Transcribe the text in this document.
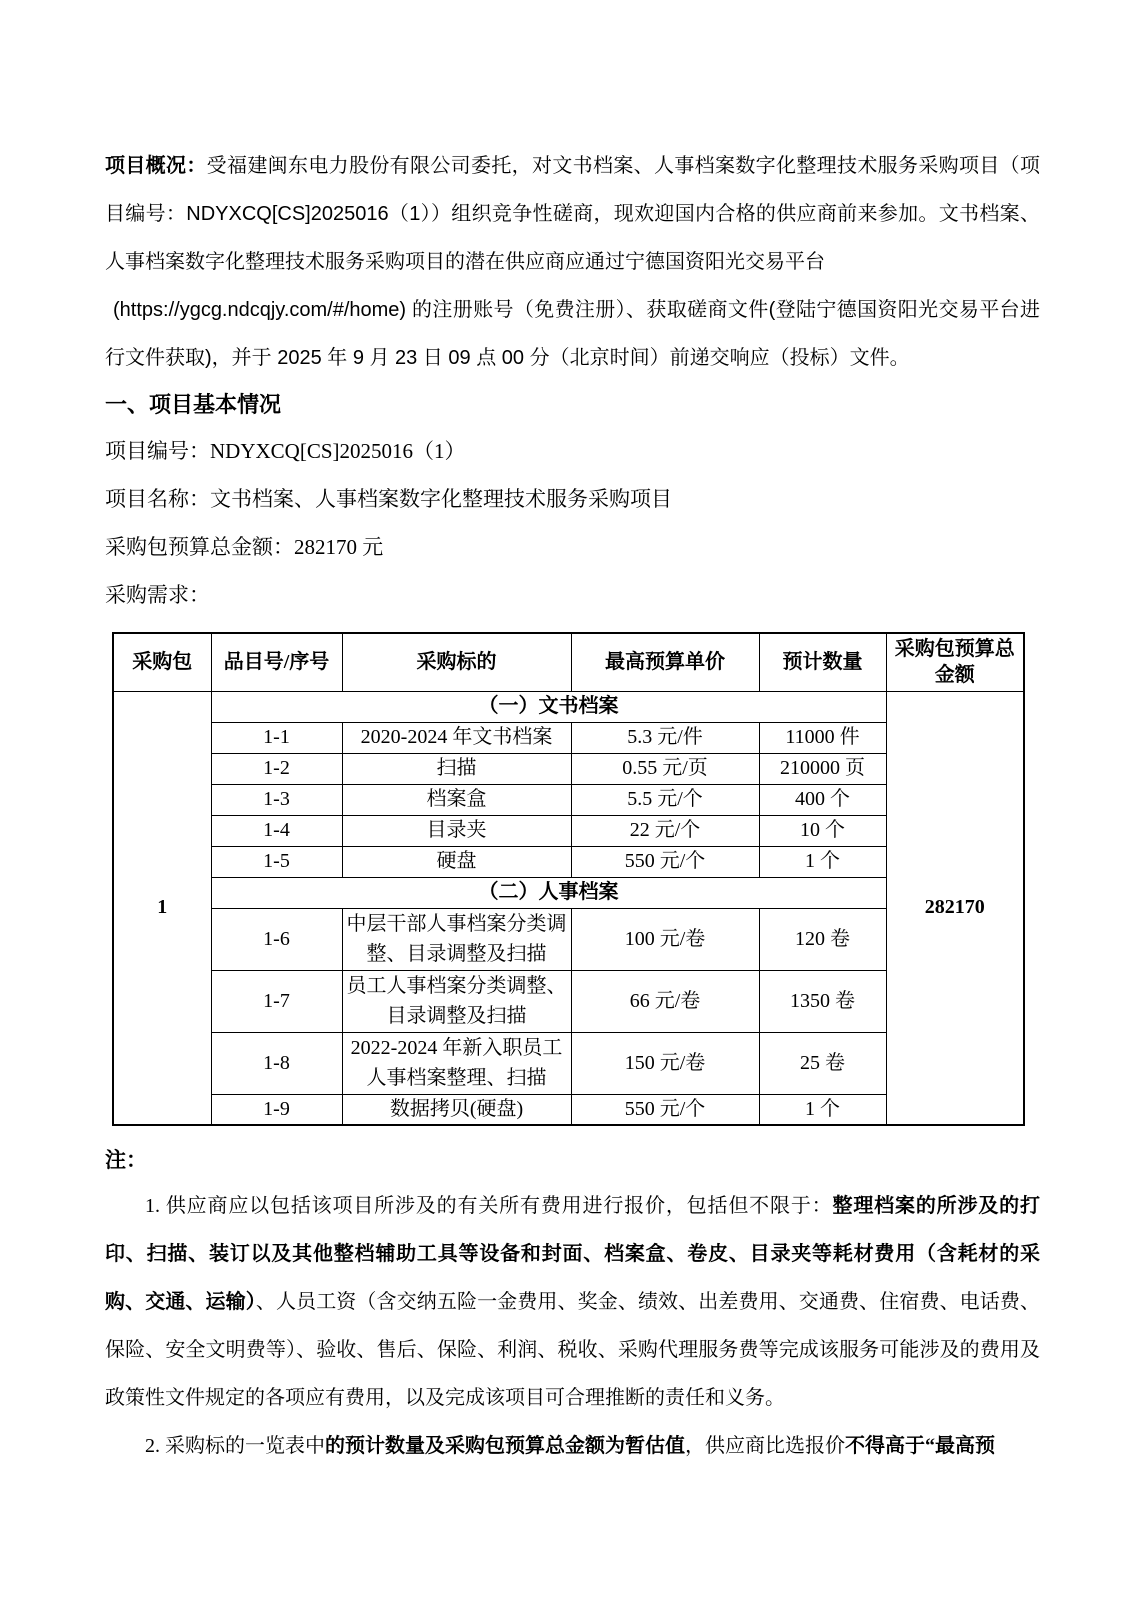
项目概况：受福建闽东电力股份有限公司委托，对文书档案、人事档案数字化整理技术服务采购项目（项目编号：NDYXCQ[CS]2025016（1））组织竞争性磋商，现欢迎国内合格的供应商前来参加。文书档案、人事档案数字化整理技术服务采购项目的潜在供应商应通过宁德国资阳光交易平台
(https://ygcg.ndcqjy.com/#/home) 的注册账号（免费注册）、获取磋商文件(登陆宁德国资阳光交易平台进行文件获取)，并于 2025 年 9 月 23 日 09 点 00 分（北京时间）前递交响应（投标）文件。

一、项目基本情况

项目编号：NDYXCQ[CS]2025016（1）

项目名称：文书档案、人事档案数字化整理技术服务采购项目

采购包预算总金额：282170 元

采购需求：

采购包	品目号/序号	采购标的	最高预算单价	预计数量	采购包预算总金额
1	（一）文书档案				282170
	1-1	2020-2024 年文书档案	5.3 元/件	11000 件	
	1-2	扫描	0.55 元/页	210000 页	
	1-3	档案盒	5.5 元/个	400 个	
	1-4	目录夹	22 元/个	10 个	
	1-5	硬盘	550 元/个	1 个	
	（二）人事档案				
	1-6	中层干部人事档案分类调整、目录调整及扫描	100 元/卷	120 卷	
	1-7	员工人事档案分类调整、目录调整及扫描	66 元/卷	1350 卷	
	1-8	2022-2024 年新入职员工人事档案整理、扫描	150 元/卷	25 卷	
	1-9	数据拷贝(硬盘)	550 元/个	1 个	

注：

1. 供应商应以包括该项目所涉及的有关所有费用进行报价，包括但不限于：整理档案的所涉及的打印、扫描、装订以及其他整档辅助工具等设备和封面、档案盒、卷皮、目录夹等耗材费用（含耗材的采购、交通、运输）、人员工资（含交纳五险一金费用、奖金、绩效、出差费用、交通费、住宿费、电话费、保险、安全文明费等）、验收、售后、保险、利润、税收、采购代理服务费等完成该服务可能涉及的费用及政策性文件规定的各项应有费用，以及完成该项目可合理推断的责任和义务。

2. 采购标的一览表中的预计数量及采购包预算总金额为暂估值，供应商比选报价不得高于“最高预
